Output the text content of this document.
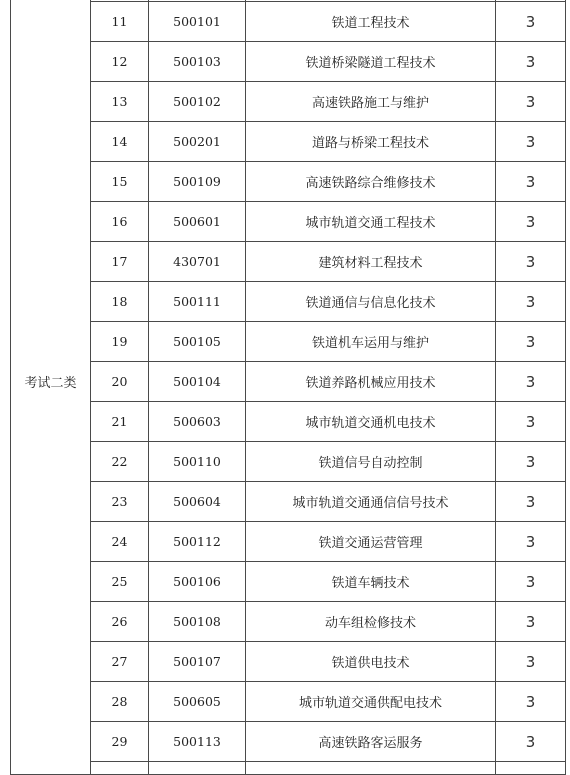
考试二类				
	11	500101	铁道工程技术	3
	12	500103	铁道桥梁隧道工程技术	3
	13	500102	高速铁路施工与维护	3
	14	500201	道路与桥梁工程技术	3
	15	500109	高速铁路综合维修技术	3
	16	500601	城市轨道交通工程技术	3
	17	430701	建筑材料工程技术	3
	18	500111	铁道通信与信息化技术	3
	19	500105	铁道机车运用与维护	3
	20	500104	铁道养路机械应用技术	3
	21	500603	城市轨道交通机电技术	3
	22	500110	铁道信号自动控制	3
	23	500604	城市轨道交通通信信号技术	3
	24	500112	铁道交通运营管理	3
	25	500106	铁道车辆技术	3
	26	500108	动车组检修技术	3
	27	500107	铁道供电技术	3
	28	500605	城市轨道交通供配电技术	3
	29	500113	高速铁路客运服务	3
